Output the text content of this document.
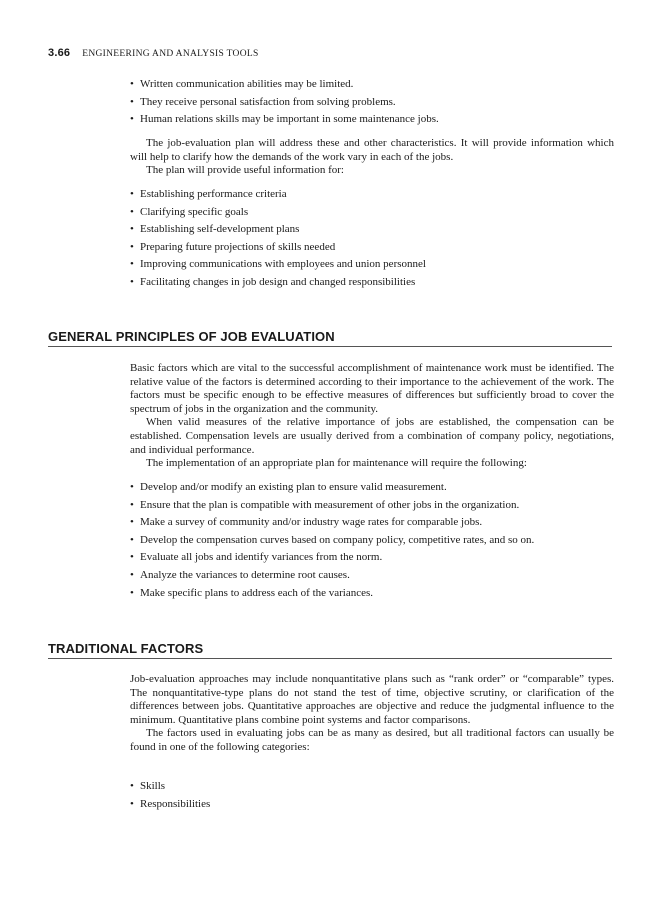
3.66 ENGINEERING AND ANALYSIS TOOLS
• Written communication abilities may be limited.
• They receive personal satisfaction from solving problems.
• Human relations skills may be important in some maintenance jobs.

The job-evaluation plan will address these and other characteristics. It will provide information which will help to clarify how the demands of the work vary in each of the jobs.

The plan will provide useful information for:

• Establishing performance criteria
• Clarifying specific goals
• Establishing self-development plans
• Preparing future projections of skills needed
• Improving communications with employees and union personnel
• Facilitating changes in job design and changed responsibilities
GENERAL PRINCIPLES OF JOB EVALUATION

Basic factors which are vital to the successful accomplishment of maintenance work must be identified. The relative value of the factors is determined according to their importance to the achievement of the work. The factors must be specific enough to be effective measures of differences but sufficiently broad to cover the spectrum of jobs in the organization and the community.

When valid measures of the relative importance of jobs are established, the compensation can be established. Compensation levels are usually derived from a combination of company policy, negotiations, and individual performance.

The implementation of an appropriate plan for maintenance will require the following:

• Develop and/or modify an existing plan to ensure valid measurement.
• Ensure that the plan is compatible with measurement of other jobs in the organization.
• Make a survey of community and/or industry wage rates for comparable jobs.
• Develop the compensation curves based on company policy, competitive rates, and so on.
• Evaluate all jobs and identify variances from the norm.
• Analyze the variances to determine root causes.
• Make specific plans to address each of the variances.
TRADITIONAL FACTORS

Job-evaluation approaches may include nonquantitative plans such as “rank order” or “comparable” types. The nonquantitative-type plans do not stand the test of time, objective scrutiny, or clarification of the differences between jobs. Quantitative approaches are objective and reduce the judgmental influence to the minimum. Quantitative plans combine point systems and factor comparisons.

The factors used in evaluating jobs can be as many as desired, but all traditional factors can usually be found in one of the following categories:

• Skills
• Responsibilities
